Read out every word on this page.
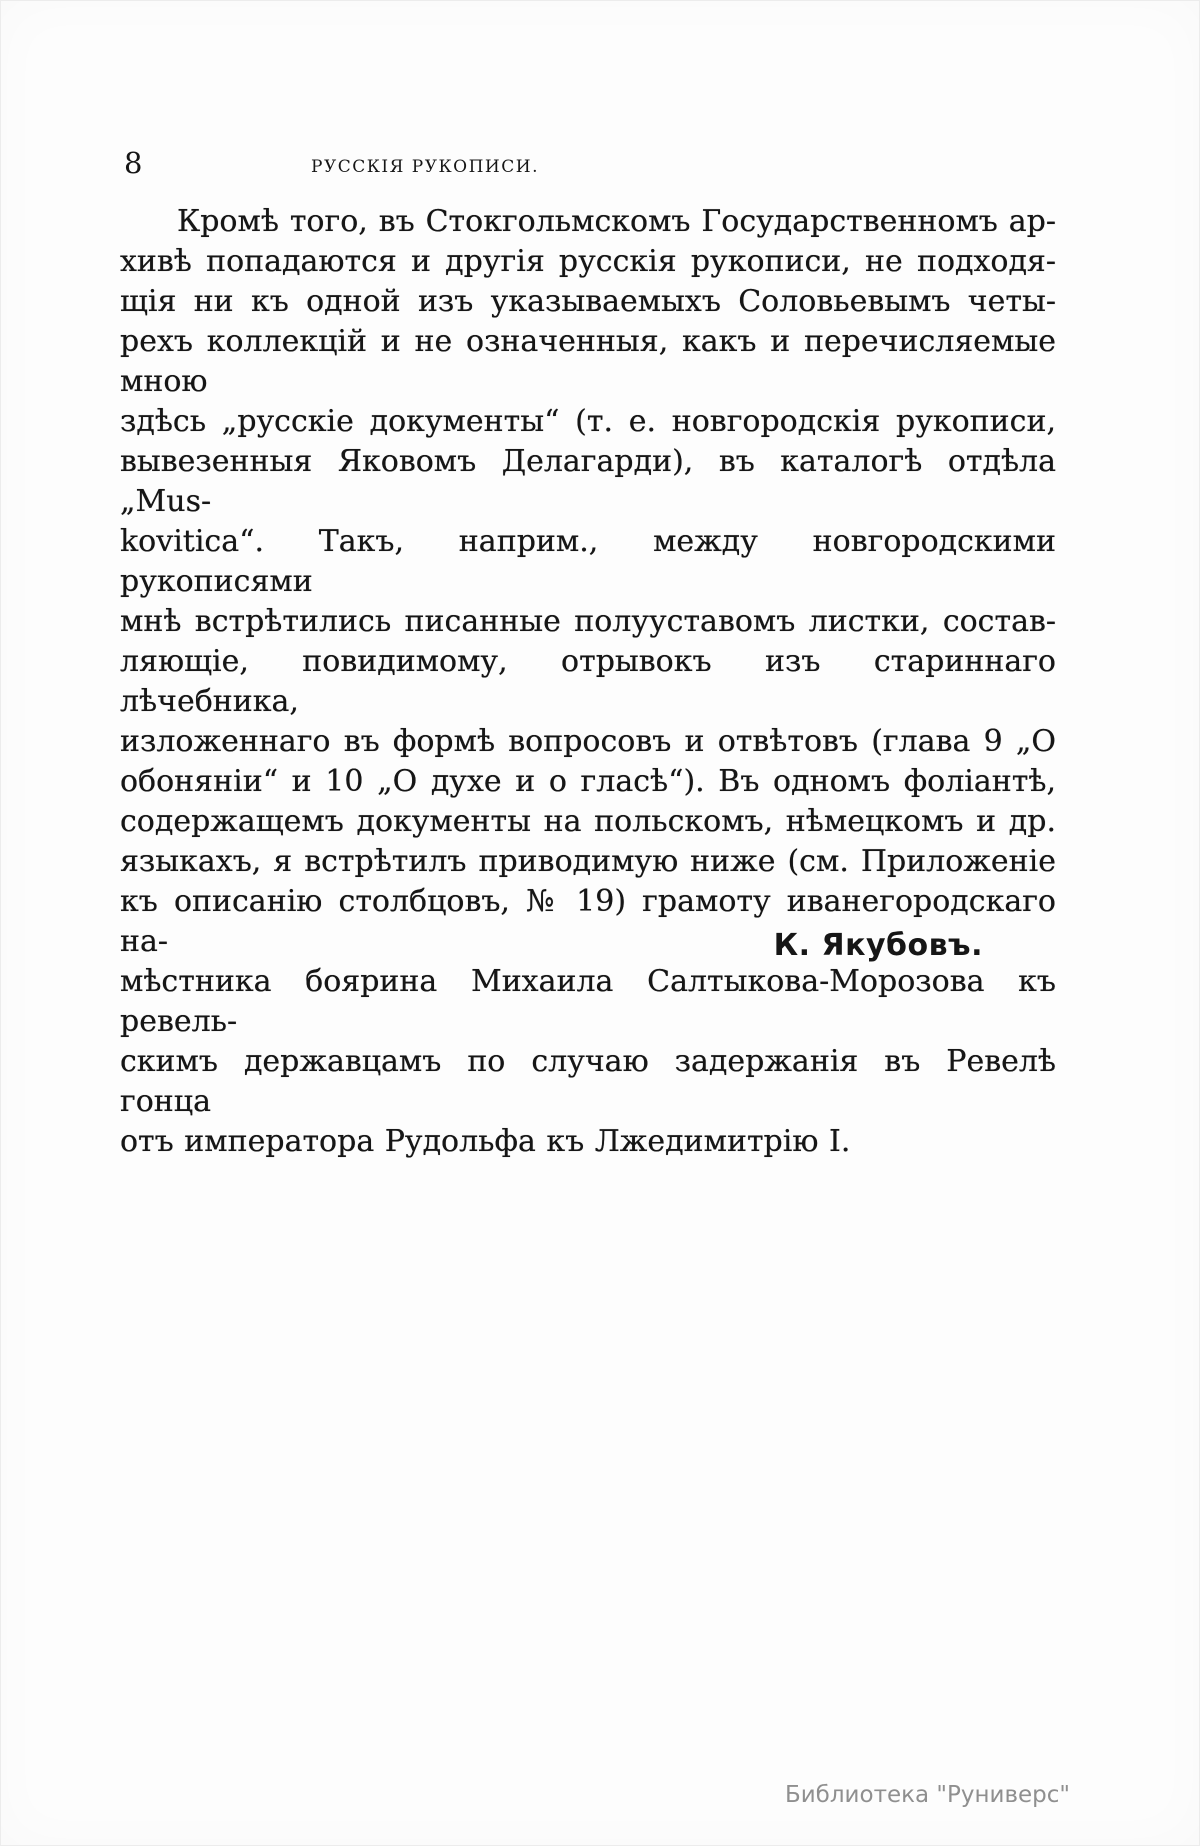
8	РУССКІЯ РУКОПИСИ.
Кромѣ того, въ Стокгольмскомъ Государственномъ ар-
хивѣ попадаются и другія русскія рукописи, не подходя-
щія ни къ одной изъ указываемыхъ Соловьевымъ четы-
рехъ коллекцій и не означенныя, какъ и перечисляемые мною
здѣсь „русскіе документы“ (т. е. новгородскія рукописи,
вывезенныя Яковомъ Делагарди), въ каталогѣ отдѣла „Mus-
kovitica“. Такъ, наприм., между новгородскими рукописями
мнѣ встрѣтились писанные полууставомъ листки, состав-
ляющіе, повидимому, отрывокъ изъ стариннаго лѣчебника,
изложеннаго въ формѣ вопросовъ и отвѣтовъ (глава 9 „О
обоняніи“ и 10 „О духе и о гласѣ“). Въ одномъ фоліантѣ,
содержащемъ документы на польскомъ, нѣмецкомъ и др.
языкахъ, я встрѣтилъ приводимую ниже (см. Приложеніе
къ описанію столбцовъ, № 19) грамоту иванегородскаго на-
мѣстника боярина Михаила Салтыкова-Морозова къ ревель-
скимъ державцамъ по случаю задержанія въ Ревелѣ гонца
отъ императора Рудольфа къ Лжедимитрію I.
К. Якубовъ.
Библиотека "Руниверс"
